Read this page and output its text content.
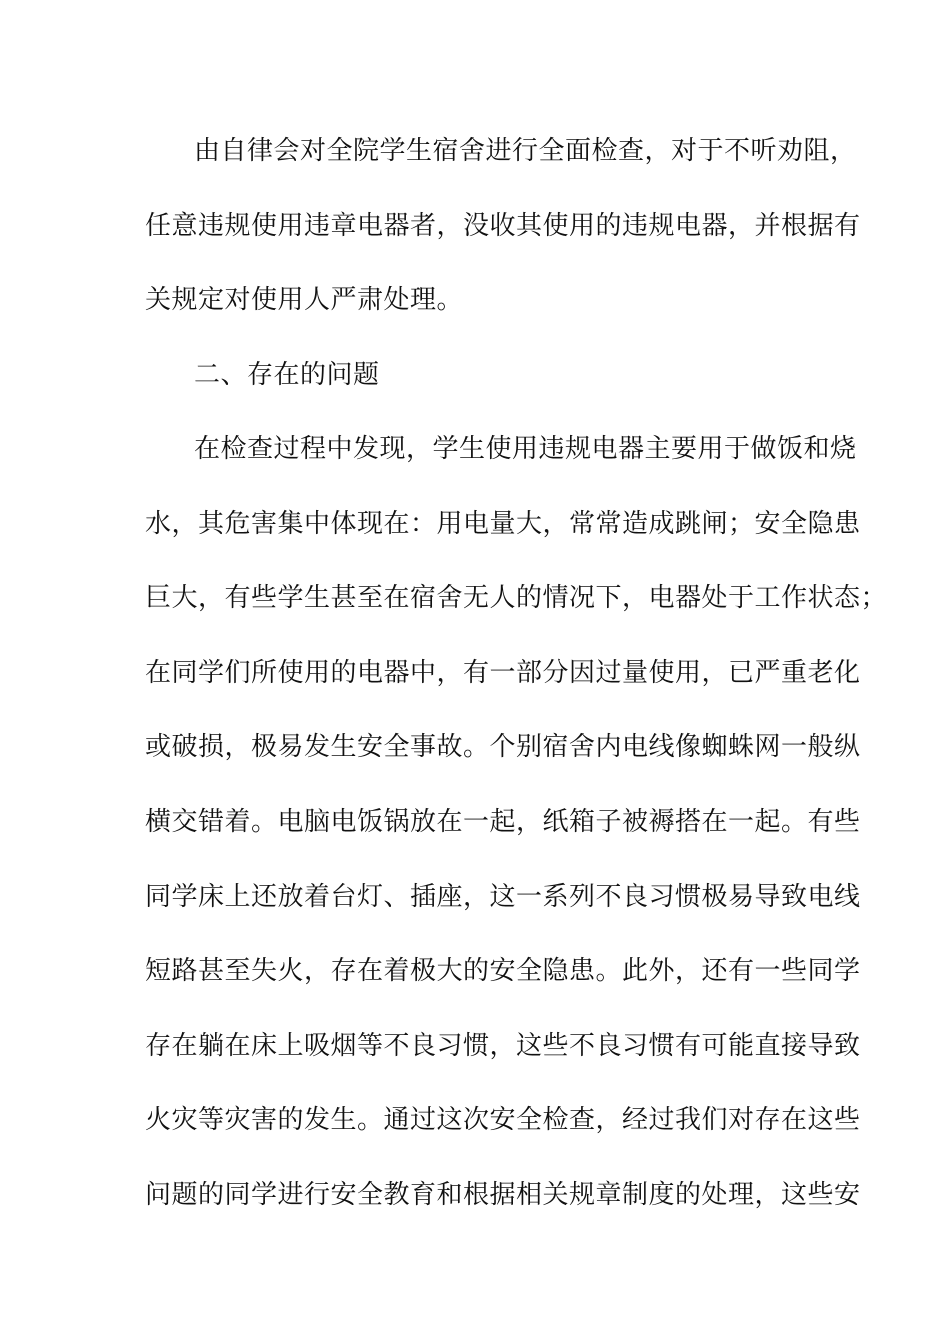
由自律会对全院学生宿舍进行全面检查，对于不听劝阻，
任意违规使用违章电器者，没收其使用的违规电器，并根据有
关规定对使用人严肃处理。
二、存在的问题
在检查过程中发现，学生使用违规电器主要用于做饭和烧
水，其危害集中体现在：用电量大，常常造成跳闸；安全隐患
巨大，有些学生甚至在宿舍无人的情况下，电器处于工作状态；
在同学们所使用的电器中，有一部分因过量使用，已严重老化
或破损，极易发生安全事故。个别宿舍内电线像蜘蛛网一般纵
横交错着。电脑电饭锅放在一起，纸箱子被褥搭在一起。有些
同学床上还放着台灯、插座，这一系列不良习惯极易导致电线
短路甚至失火，存在着极大的安全隐患。此外，还有一些同学
存在躺在床上吸烟等不良习惯，这些不良习惯有可能直接导致
火灾等灾害的发生。通过这次安全检查，经过我们对存在这些
问题的同学进行安全教育和根据相关规章制度的处理，这些安
